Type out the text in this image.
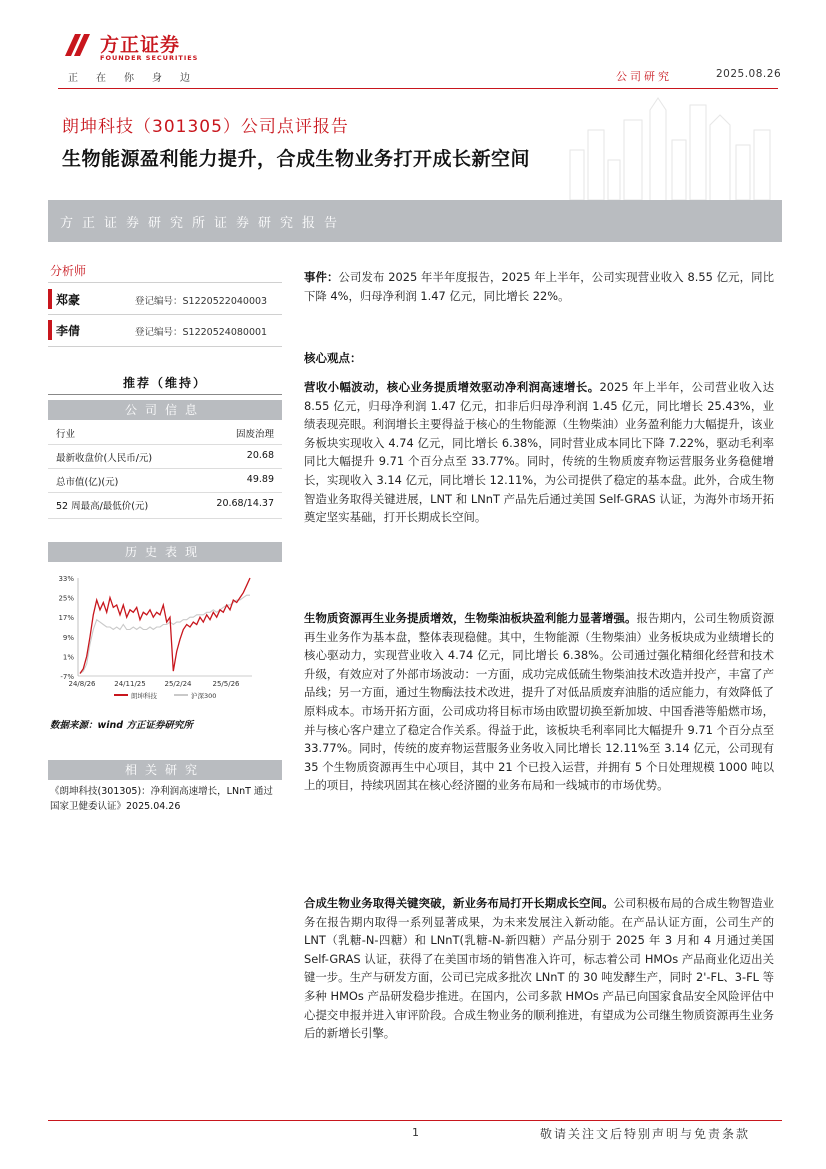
方正证券
FOUNDER SECURITIES
正在你身边	公司研究	2025.08.26
朗坤科技（301305）公司点评报告
生物能源盈利能力提升，合成生物业务打开成长新空间
方正证券研究所证券研究报告
分析师
郑豪	登记编号：S1220522040003
李倩	登记编号：S1220524080001
推荐（维持）
公司信息
行业	固废治理
最新收盘价(人民币/元)	20.68
总市值(亿)(元)	49.89
52 周最高/最低价(元)	20.68/14.37
历史表现
33%
25%
17%
9%
1%
-7%
24/8/26	24/11/25	25/2/24	25/5/26
朗坤科技	沪深300
数据来源：wind 方正证券研究所
相关研究
《朗坤科技(301305)：净利润高速增长，LNnT 通过国家卫健委认证》2025.04.26
事件：公司发布 2025 年半年度报告，2025 年上半年，公司实现营业收入 8.55 亿元，同比下降 4%，归母净利润 1.47 亿元，同比增长 22%。
核心观点：
营收小幅波动，核心业务提质增效驱动净利润高速增长。2025 年上半年，公司营业收入达 8.55 亿元，归母净利润 1.47 亿元，扣非后归母净利润 1.45 亿元，同比增长 25.43%，业绩表现亮眼。利润增长主要得益于核心的生物能源（生物柴油）业务盈利能力大幅提升，该业务板块实现收入 4.74 亿元，同比增长 6.38%，同时营业成本同比下降 7.22%，驱动毛利率同比大幅提升 9.71 个百分点至 33.77%。同时，传统的生物质废弃物运营服务业务稳健增长，实现收入 3.14 亿元，同比增长 12.11%，为公司提供了稳定的基本盘。此外，合成生物智造业务取得关键进展，LNT 和 LNnT 产品先后通过美国 Self-GRAS 认证，为海外市场开拓奠定坚实基础，打开长期成长空间。
生物质资源再生业务提质增效，生物柴油板块盈利能力显著增强。报告期内，公司生物质资源再生业务作为基本盘，整体表现稳健。其中，生物能源（生物柴油）业务板块成为业绩增长的核心驱动力，实现营业收入 4.74 亿元，同比增长 6.38%。公司通过强化精细化经营和技术升级，有效应对了外部市场波动：一方面，成功完成低硫生物柴油技术改造并投产，丰富了产品线；另一方面，通过生物酶法技术改进，提升了对低品质废弃油脂的适应能力，有效降低了原料成本。市场开拓方面，公司成功将目标市场由欧盟切换至新加坡、中国香港等船燃市场，并与核心客户建立了稳定合作关系。得益于此，该板块毛利率同比大幅提升 9.71 个百分点至 33.77%。同时，传统的废弃物运营服务业务收入同比增长 12.11%至 3.14 亿元，公司现有 35 个生物质资源再生中心项目，其中 21 个已投入运营，并拥有 5 个日处理规模 1000 吨以上的项目，持续巩固其在核心经济圈的业务布局和一线城市的市场优势。
合成生物业务取得关键突破，新业务布局打开长期成长空间。公司积极布局的合成生物智造业务在报告期内取得一系列显著成果，为未来发展注入新动能。在产品认证方面，公司生产的 LNT（乳糖-N-四糖）和 LNnT(乳糖-N-新四糖）产品分别于 2025 年 3 月和 4 月通过美国 Self-GRAS 认证，获得了在美国市场的销售准入许可，标志着公司 HMOs 产品商业化迈出关键一步。生产与研发方面，公司已完成多批次 LNnT 的 30 吨发酵生产，同时 2'-FL、3-FL 等多种 HMOs 产品研发稳步推进。在国内，公司多款 HMOs 产品已向国家食品安全风险评估中心提交申报并进入审评阶段。合成生物业务的顺利推进，有望成为公司继生物质资源再生业务后的新增长引擎。
1	敬请关注文后特别声明与免责条款
